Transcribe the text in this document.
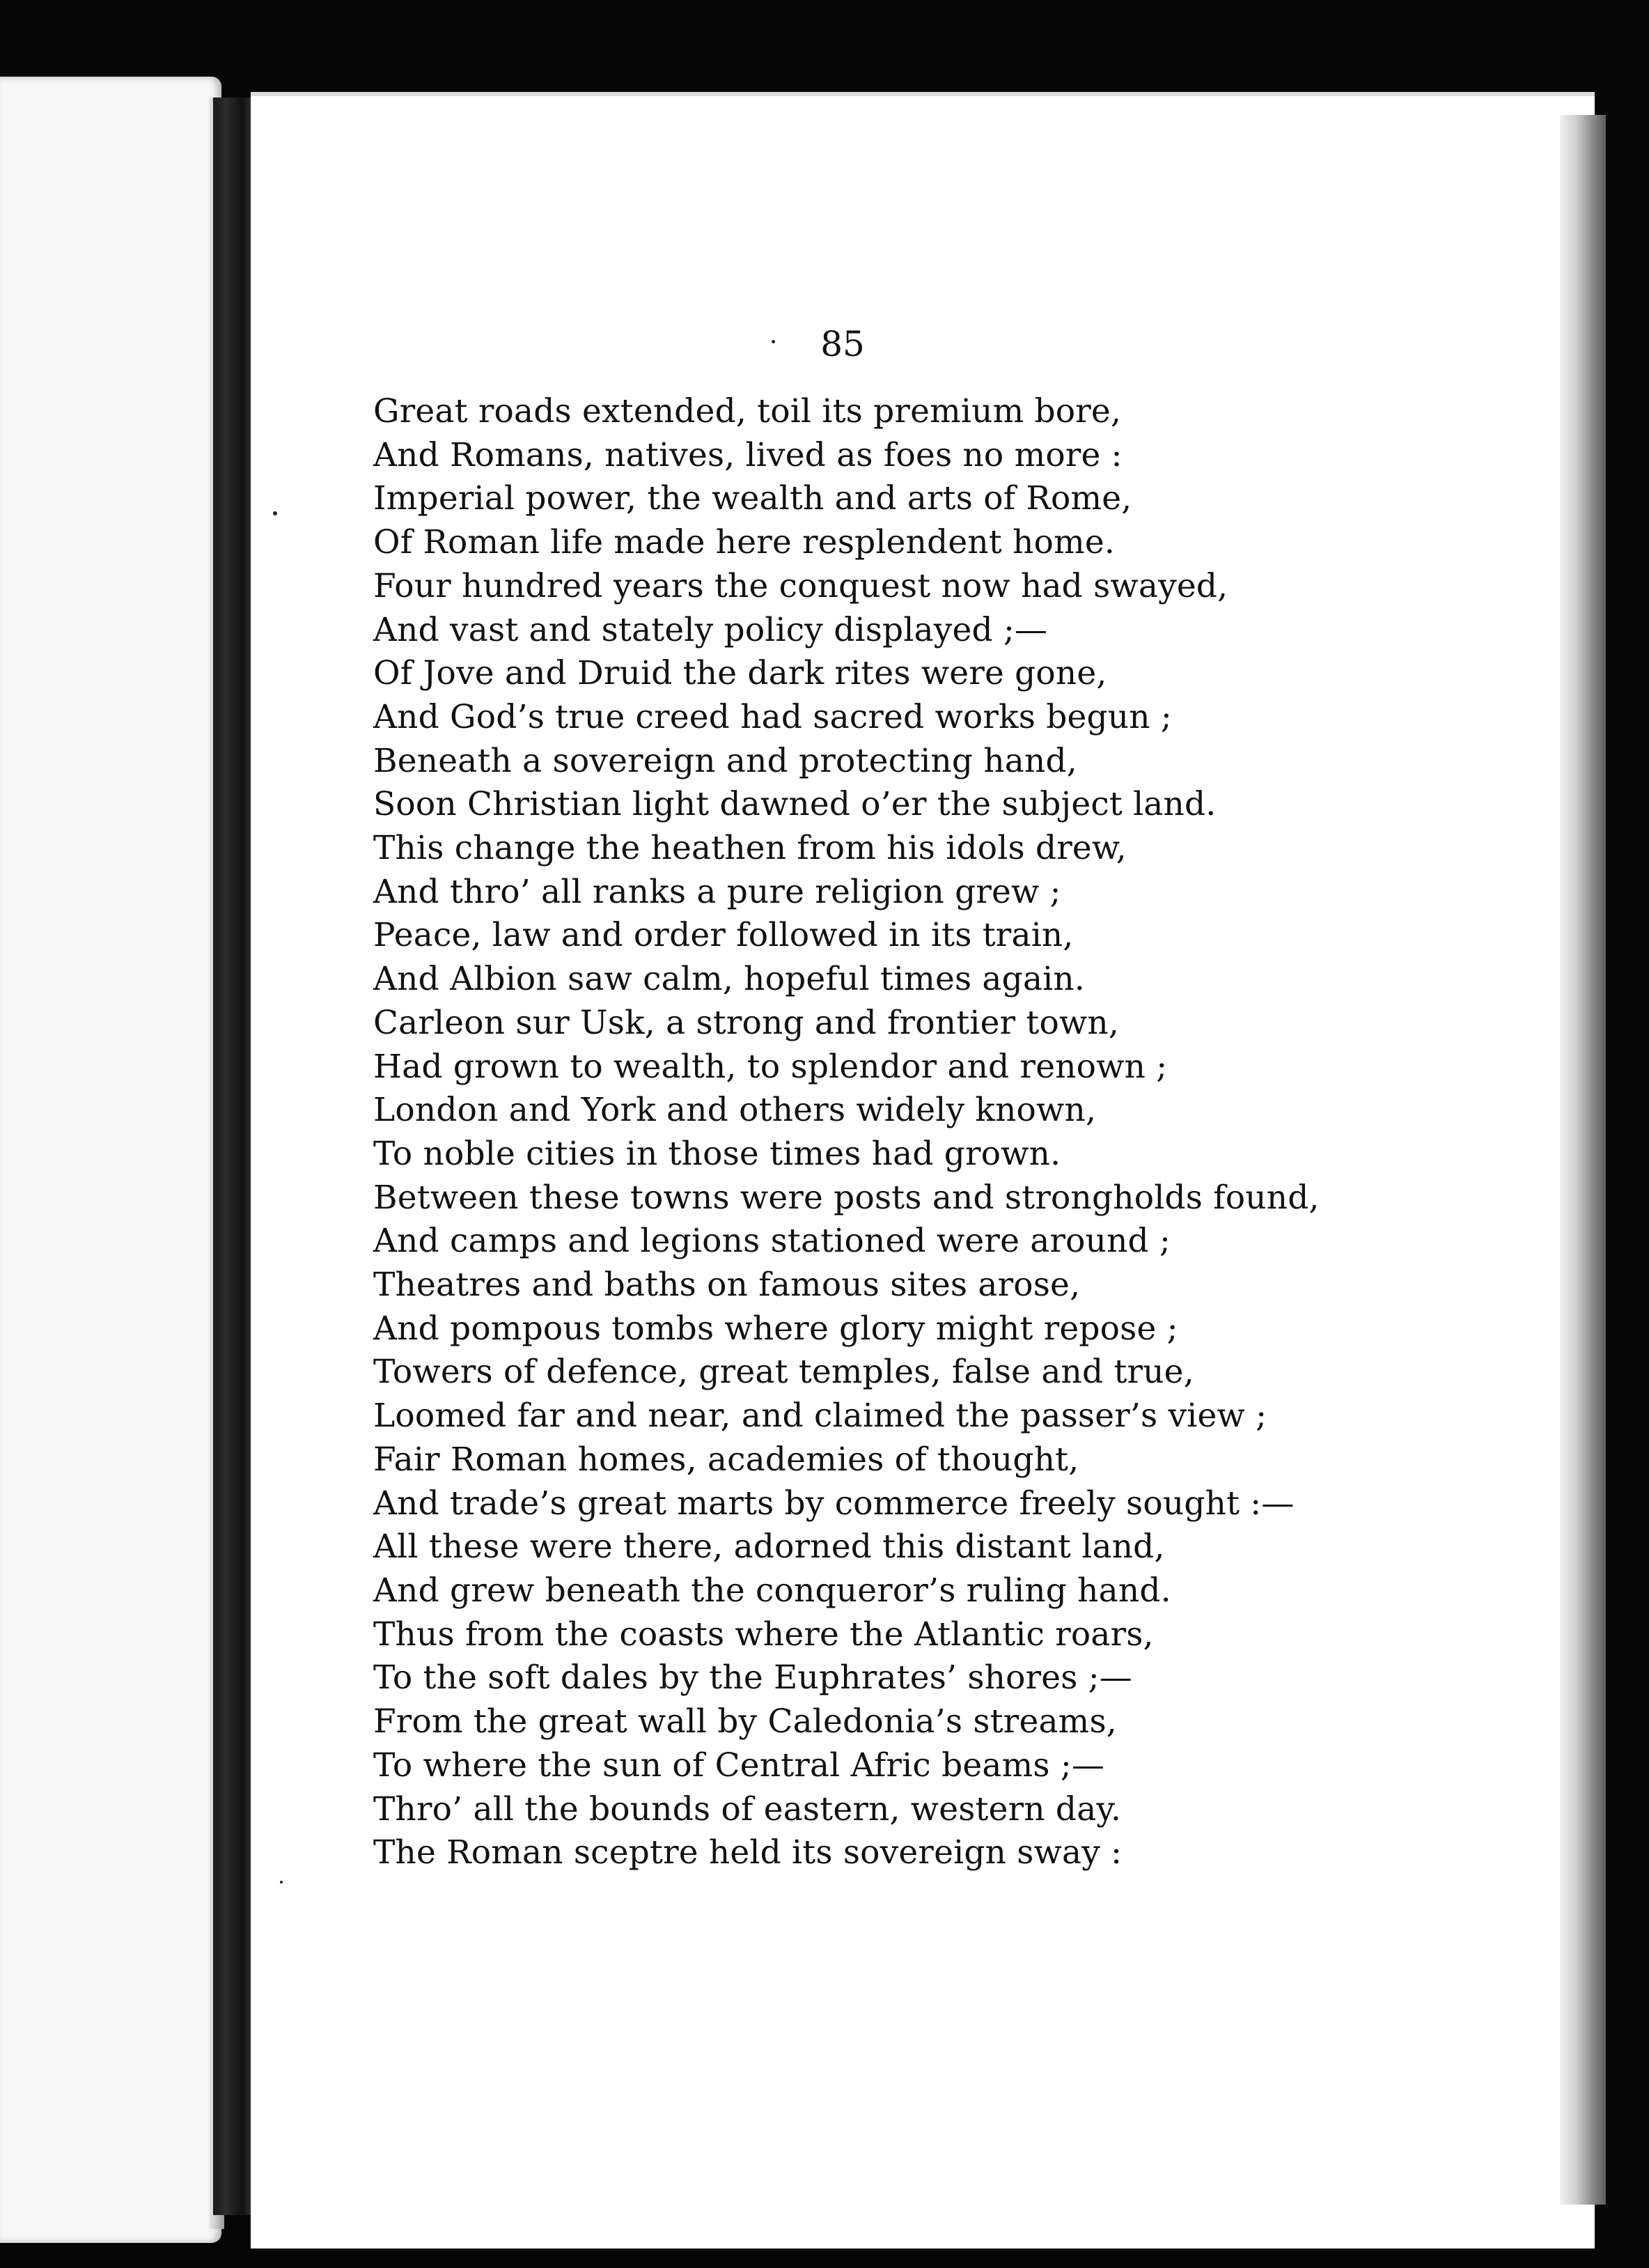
85
Great roads extended, toil its premium bore,
And Romans, natives, lived as foes no more :
Imperial power, the wealth and arts of Rome,
Of Roman life made here resplendent home.
Four hundred years the conquest now had swayed,
And vast and stately policy displayed ;—
Of Jove and Druid the dark rites were gone,
And God’s true creed had sacred works begun ;
Beneath a sovereign and protecting hand,
Soon Christian light dawned o’er the subject land.
This change the heathen from his idols drew,
And thro’ all ranks a pure religion grew ;
Peace, law and order followed in its train,
And Albion saw calm, hopeful times again.
Carleon sur Usk, a strong and frontier town,
Had grown to wealth, to splendor and renown ;
London and York and others widely known,
To noble cities in those times had grown.
Between these towns were posts and strongholds found,
And camps and legions stationed were around ;
Theatres and baths on famous sites arose,
And pompous tombs where glory might repose ;
Towers of defence, great temples, false and true,
Loomed far and near, and claimed the passer’s view ;
Fair Roman homes, academies of thought,
And trade’s great marts by commerce freely sought :—
All these were there, adorned this distant land,
And grew beneath the conqueror’s ruling hand.
Thus from the coasts where the Atlantic roars,
To the soft dales by the Euphrates’ shores ;—
From the great wall by Caledonia’s streams,
To where the sun of Central Afric beams ;—
Thro’ all the bounds of eastern, western day.
The Roman sceptre held its sovereign sway :
